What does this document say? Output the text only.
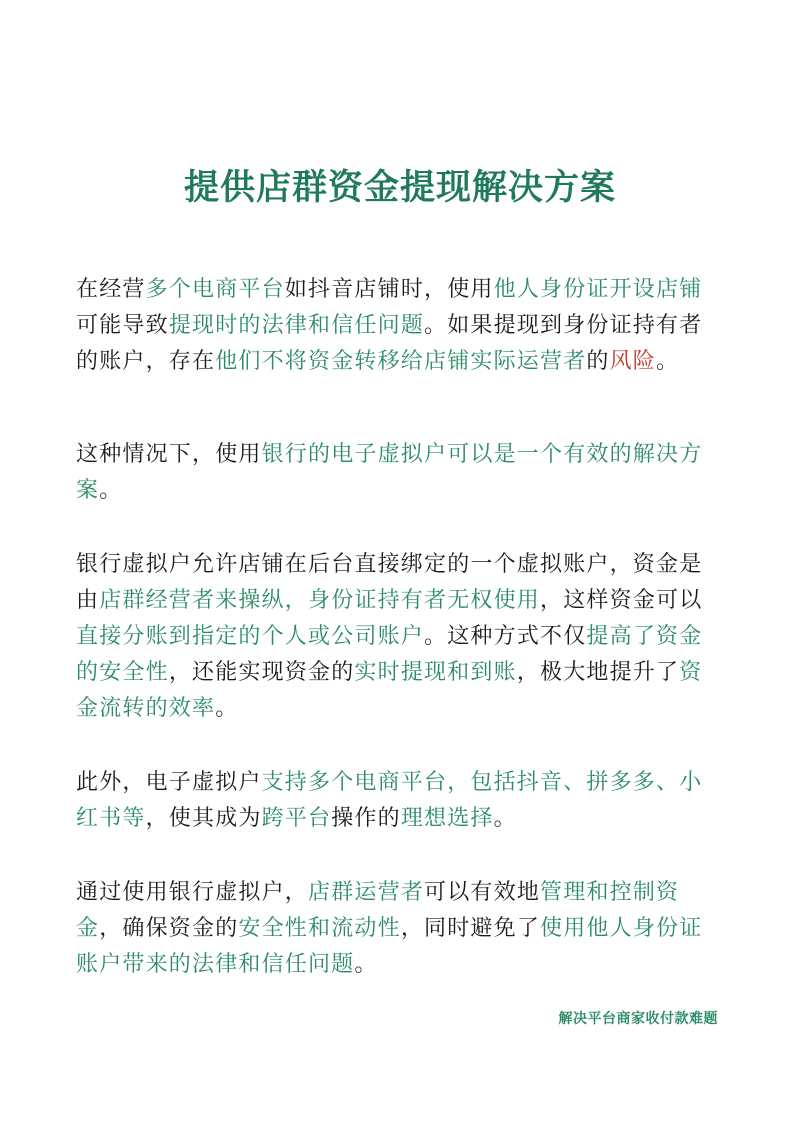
提供店群资金提现解决方案

在经营多个电商平台如抖音店铺时，使用他人身份证开设店铺可能导致提现时的法律和信任问题。如果提现到身份证持有者的账户，存在他们不将资金转移给店铺实际运营者的风险。

这种情况下，使用银行的电子虚拟户可以是一个有效的解决方案。

银行虚拟户允许店铺在后台直接绑定的一个虚拟账户，资金是由店群经营者来操纵，身份证持有者无权使用，这样资金可以直接分账到指定的个人或公司账户。这种方式不仅提高了资金的安全性，还能实现资金的实时提现和到账，极大地提升了资金流转的效率。

此外，电子虚拟户支持多个电商平台，包括抖音、拼多多、小红书等，使其成为跨平台操作的理想选择。

通过使用银行虚拟户，店群运营者可以有效地管理和控制资金，确保资金的安全性和流动性，同时避免了使用他人身份证账户带来的法律和信任问题。

解决平台商家收付款难题
